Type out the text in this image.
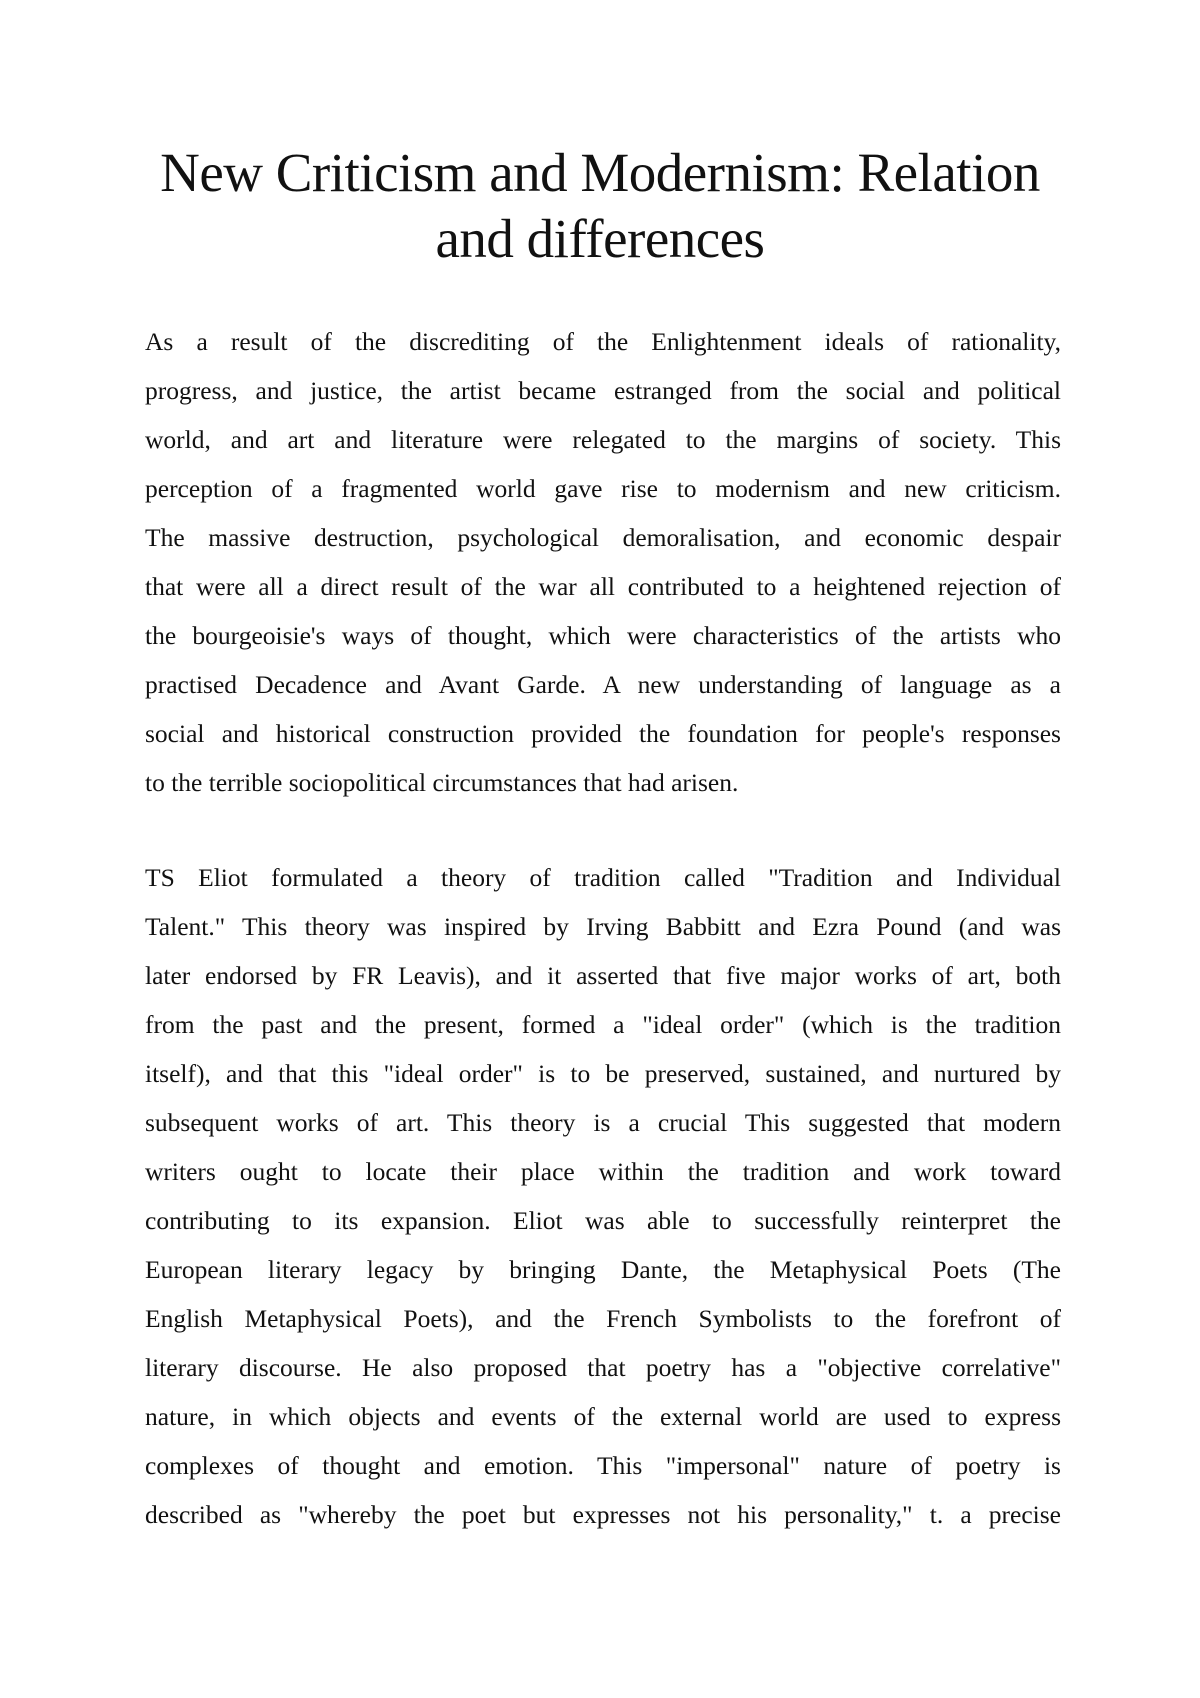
New Criticism and Modernism: Relation
and differences
As a result of the discrediting of the Enlightenment ideals of rationality,
progress, and justice, the artist became estranged from the social and political
world, and art and literature were relegated to the margins of society. This
perception of a fragmented world gave rise to modernism and new criticism.
The massive destruction, psychological demoralisation, and economic despair
that were all a direct result of the war all contributed to a heightened rejection of
the bourgeoisie's ways of thought, which were characteristics of the artists who
practised Decadence and Avant Garde. A new understanding of language as a
social and historical construction provided the foundation for people's responses
to the terrible sociopolitical circumstances that had arisen.
TS Eliot formulated a theory of tradition called "Tradition and Individual
Talent." This theory was inspired by Irving Babbitt and Ezra Pound (and was
later endorsed by FR Leavis), and it asserted that five major works of art, both
from the past and the present, formed a "ideal order" (which is the tradition
itself), and that this "ideal order" is to be preserved, sustained, and nurtured by
subsequent works of art. This theory is a crucial This suggested that modern
writers ought to locate their place within the tradition and work toward
contributing to its expansion. Eliot was able to successfully reinterpret the
European literary legacy by bringing Dante, the Metaphysical Poets (The
English Metaphysical Poets), and the French Symbolists to the forefront of
literary discourse. He also proposed that poetry has a "objective correlative"
nature, in which objects and events of the external world are used to express
complexes of thought and emotion. This "impersonal" nature of poetry is
described as "whereby the poet but expresses not his personality," t. a precise
